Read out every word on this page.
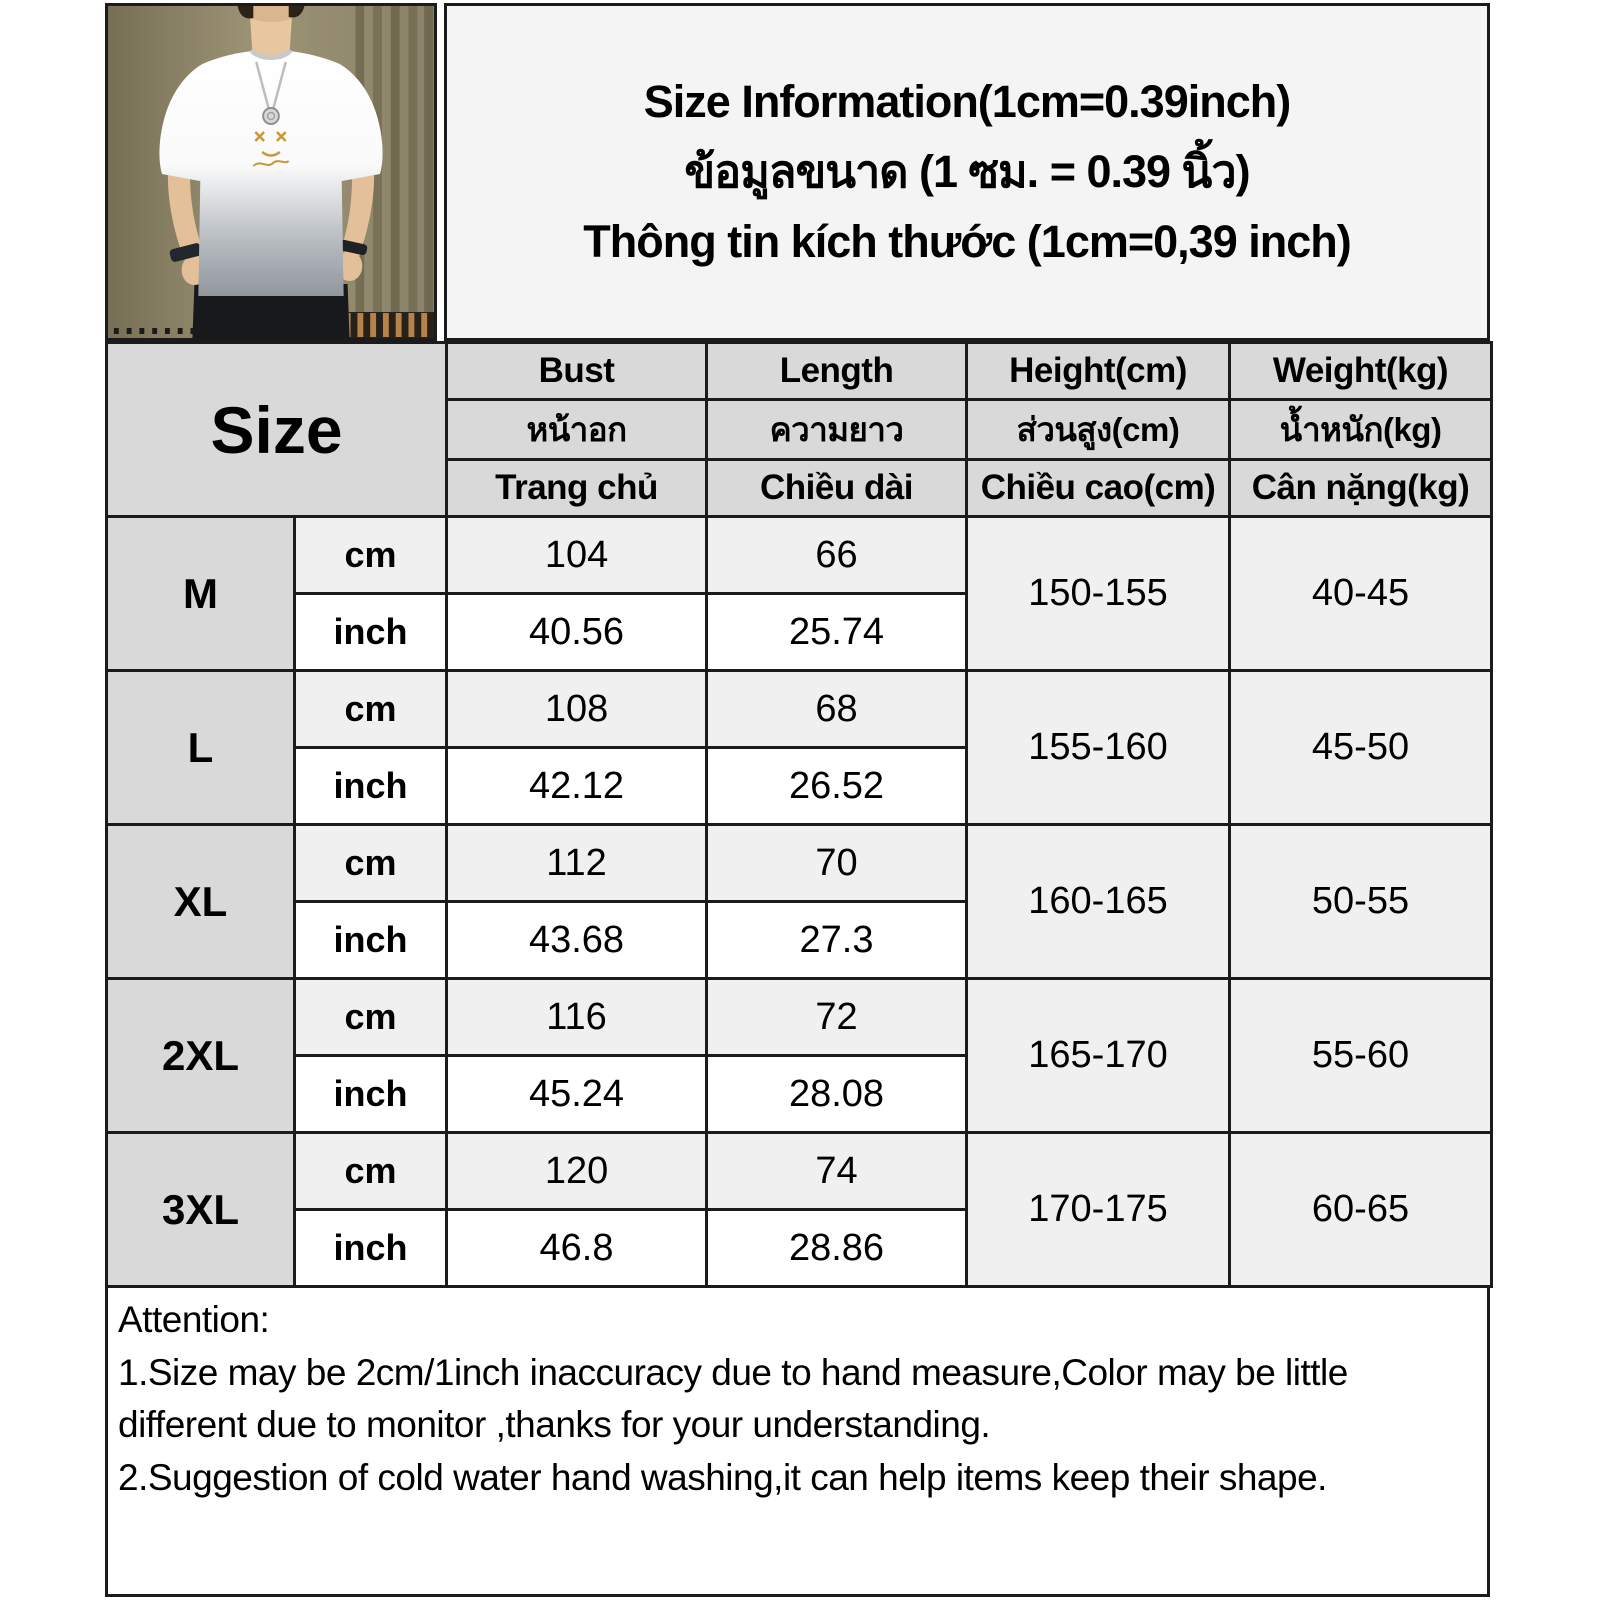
Size Information(1cm=0.39inch)
ข้อมูลขนาด (1 ซม. = 0.39 นิ้ว)
Thông tin kích thước (1cm=0,39 inch)
Size		Bust	Length	Height(cm)	Weight(kg)
		หน้าอก	ความยาว	ส่วนสูง(cm)	น้ำหนัก(kg)
		Trang chủ	Chiều dài	Chiều cao(cm)	Cân nặng(kg)
M	cm	104	66	150-155	40-45
	inch	40.56	25.74		
L	cm	108	68	155-160	45-50
	inch	42.12	26.52		
XL	cm	112	70	160-165	50-55
	inch	43.68	27.3		
2XL	cm	116	72	165-170	55-60
	inch	45.24	28.08		
3XL	cm	120	74	170-175	60-65
	inch	46.8	28.86		
Attention:
1.Size may be 2cm/1inch inaccuracy due to hand measure,Color may be little different due to monitor ,thanks for your understanding.
2.Suggestion of cold water hand washing,it can help items keep their shape.
